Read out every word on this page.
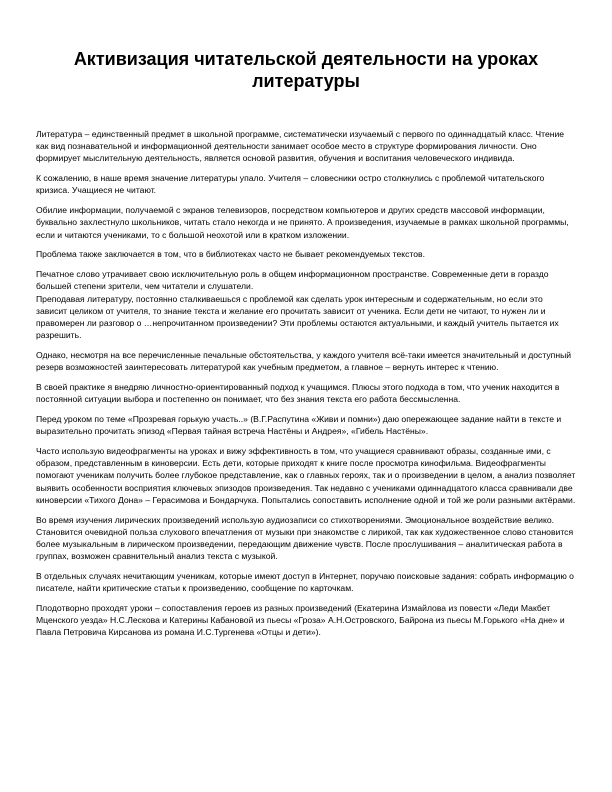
Активизация читательской деятельности на уроках литературы

Литература – единственный предмет в школьной программе, систематически изучаемый с первого по одиннадцатый класс. Чтение как вид познавательной и информационной деятельности занимает особое место в структуре формирования личности. Оно формирует мыслительную деятельность, является основой развития, обучения и воспитания человеческого индивида.

К сожалению, в наше время значение литературы упало. Учителя – словесники остро столкнулись с проблемой читательского кризиса. Учащиеся не читают.

Обилие информации, получаемой с экранов телевизоров, посредством компьютеров и других средств массовой информации, буквально захлестнуло школьников, читать стало некогда и не принято. А произведения, изучаемые в рамках школьной программы, если и читаются учениками, то с большой неохотой или в кратком изложении.

Проблема также заключается в том, что в библиотеках часто не бывает рекомендуемых текстов.

Печатное слово утрачивает свою исключительную роль в общем информационном пространстве. Современные дети в гораздо большей степени зрители, чем читатели и слушатели.

Преподавая литературу, постоянно сталкиваешься с проблемой как сделать урок интересным и содержательным, но если это зависит целиком от учителя, то знание текста и желание его прочитать зависит от ученика. Если дети не читают, то нужен ли и правомерен ли разговор о …непрочитанном произведении? Эти проблемы остаются актуальными, и каждый учитель пытается их разрешить.

Однако, несмотря на все перечисленные печальные обстоятельства, у каждого учителя всё-таки имеется значительный и доступный резерв возможностей заинтересовать литературой как учебным предметом, а главное – вернуть интерес к чтению.

В своей практике я внедряю личностно-ориентированный подход к учащимся. Плюсы этого подхода в том, что ученик находится в постоянной ситуации выбора и постепенно он понимает, что без знания текста его работа бессмысленна.

Перед уроком по теме «Прозревая горькую участь..» (В.Г.Распутина «Живи и помни») даю опережающее задание найти в тексте и выразительно прочитать эпизод «Первая тайная встреча Настёны и Андрея», «Гибель Настёны».

Часто использую видеофрагменты на уроках и вижу эффективность в том, что учащиеся сравнивают образы, созданные ими, с образом, представленным в киноверсии. Есть дети, которые приходят к книге после просмотра кинофильма. Видеофрагменты помогают ученикам получить более глубокое представление, как о главных героях, так и о произведении в целом, а анализ позволяет выявить особенности восприятия ключевых эпизодов произведения. Так недавно с учениками одиннадцатого класса сравнивали две киноверсии «Тихого Дона» – Герасимова и Бондарчука. Попытались сопоставить исполнение одной и той же роли разными актёрами.

Во время изучения лирических произведений использую аудиозаписи со стихотворениями. Эмоциональное воздействие велико. Становится очевидной польза слухового впечатления от музыки при знакомстве с лирикой, так как художественное слово становится более музыкальным в лирическом произведении, передающим движение чувств. После прослушивания – аналитическая работа в группах, возможен сравнительный анализ текста с музыкой.

В отдельных случаях нечитающим ученикам, которые имеют доступ в Интернет, поручаю поисковые задания: собрать информацию о писателе, найти критические статьи к произведению, сообщение по карточкам.

Плодотворно проходят уроки – сопоставления героев из разных произведений (Екатерина Измайлова из повести «Леди Макбет Мценского уезда» Н.С.Лескова и Катерины Кабановой из пьесы «Гроза» А.Н.Островского, Байрона из пьесы М.Горького «На дне» и Павла Петровича Кирсанова из романа И.С.Тургенева «Отцы и дети»).
